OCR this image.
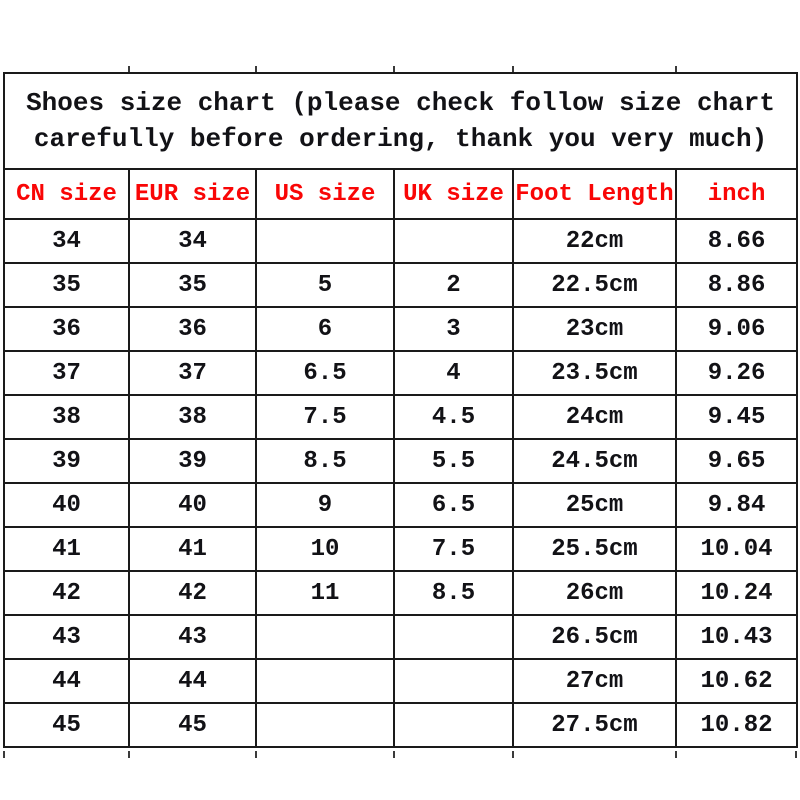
Shoes size chart (please check follow size chart
carefully before ordering, thank you very much)					

CN size	EUR size	US size	UK size	Foot Length	inch
34	34			22cm	8.66
35	35	5	2	22.5cm	8.86
36	36	6	3	23cm	9.06
37	37	6.5	4	23.5cm	9.26
38	38	7.5	4.5	24cm	9.45
39	39	8.5	5.5	24.5cm	9.65
40	40	9	6.5	25cm	9.84
41	41	10	7.5	25.5cm	10.04
42	42	11	8.5	26cm	10.24
43	43			26.5cm	10.43
44	44			27cm	10.62
45	45			27.5cm	10.82
